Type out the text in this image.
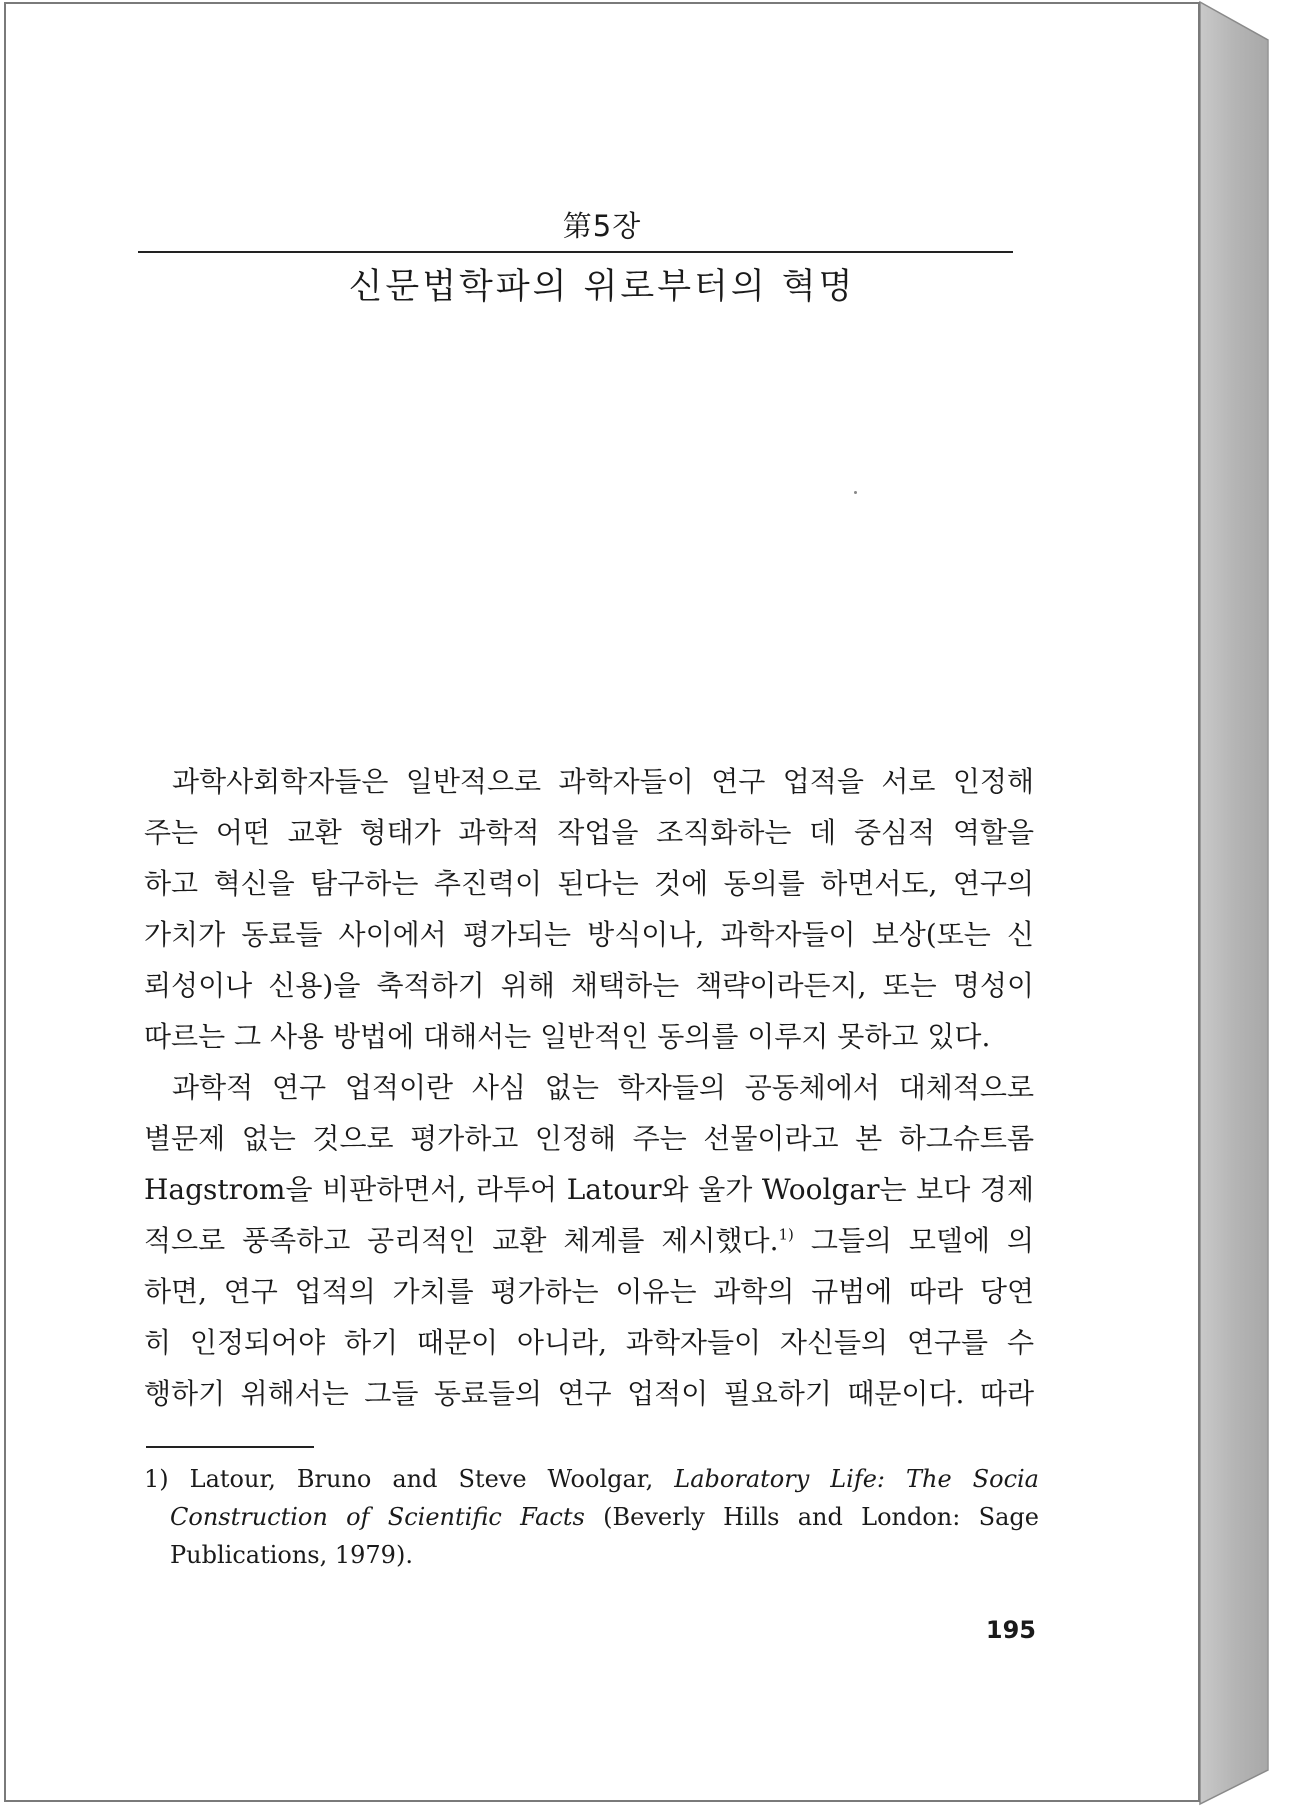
第5장
신문법학파의 위로부터의 혁명
과학사회학자들은 일반적으로 과학자들이 연구 업적을 서로 인정해
주는 어떤 교환 형태가 과학적 작업을 조직화하는 데 중심적 역할을
하고 혁신을 탐구하는 추진력이 된다는 것에 동의를 하면서도, 연구의
가치가 동료들 사이에서 평가되는 방식이나, 과학자들이 보상(또는 신
뢰성이나 신용)을 축적하기 위해 채택하는 책략이라든지, 또는 명성이
따르는 그 사용 방법에 대해서는 일반적인 동의를 이루지 못하고 있다.
과학적 연구 업적이란 사심 없는 학자들의 공동체에서 대체적으로
별문제 없는 것으로 평가하고 인정해 주는 선물이라고 본 하그슈트롬
Hagstrom을 비판하면서, 라투어 Latour와 울가 Woolgar는 보다 경제
적으로 풍족하고 공리적인 교환 체계를 제시했다.$^{1)}$ 그들의 모델에 의
하면, 연구 업적의 가치를 평가하는 이유는 과학의 규범에 따라 당연
히 인정되어야 하기 때문이 아니라, 과학자들이 자신들의 연구를 수
행하기 위해서는 그들 동료들의 연구 업적이 필요하기 때문이다. 따라
1) Latour, Bruno and Steve Woolgar, Laboratory Life: The Socia
Construction of Scientific Facts (Beverly Hills and London: Sage
Publications, 1979).
195
